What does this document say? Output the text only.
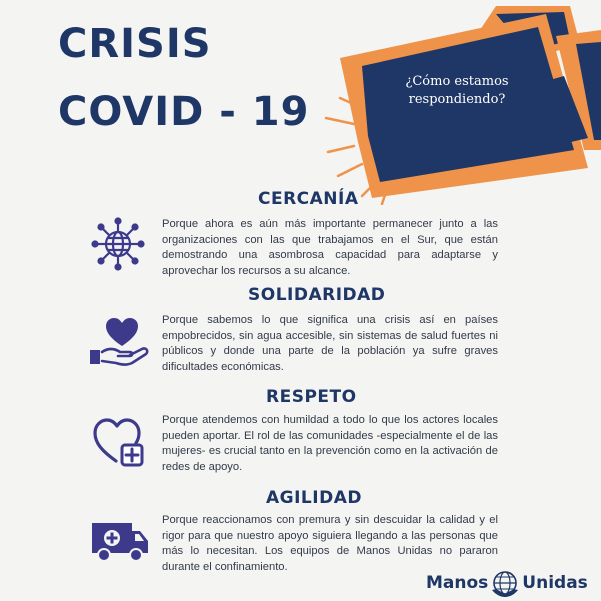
CRISIS
COVID - 19
¿Cómo estamos respondiendo?
CERCANÍA
Porque ahora es aún más importante permanecer junto a las organizaciones con las que trabajamos en el Sur, que están demostrando una asombrosa capacidad para adaptarse y aprovechar los recursos a su alcance.
SOLIDARIDAD
Porque sabemos lo que significa una crisis así en países empobrecidos, sin agua accesible, sin sistemas de salud fuertes ni públicos y donde una parte de la población ya sufre graves dificultades económicas.
RESPETO
Porque atendemos con humildad a todo lo que los actores locales pueden aportar. El rol de las comunidades -especialmente el de las mujeres- es crucial tanto en la prevención como en la activación de redes de apoyo.
AGILIDAD
Porque reaccionamos con premura y sin descuidar la calidad y el rigor para que nuestro apoyo siguiera llegando a las personas que más lo necesitan. Los equipos de Manos Unidas no pararon durante el confinamiento.
Manos Unidas
